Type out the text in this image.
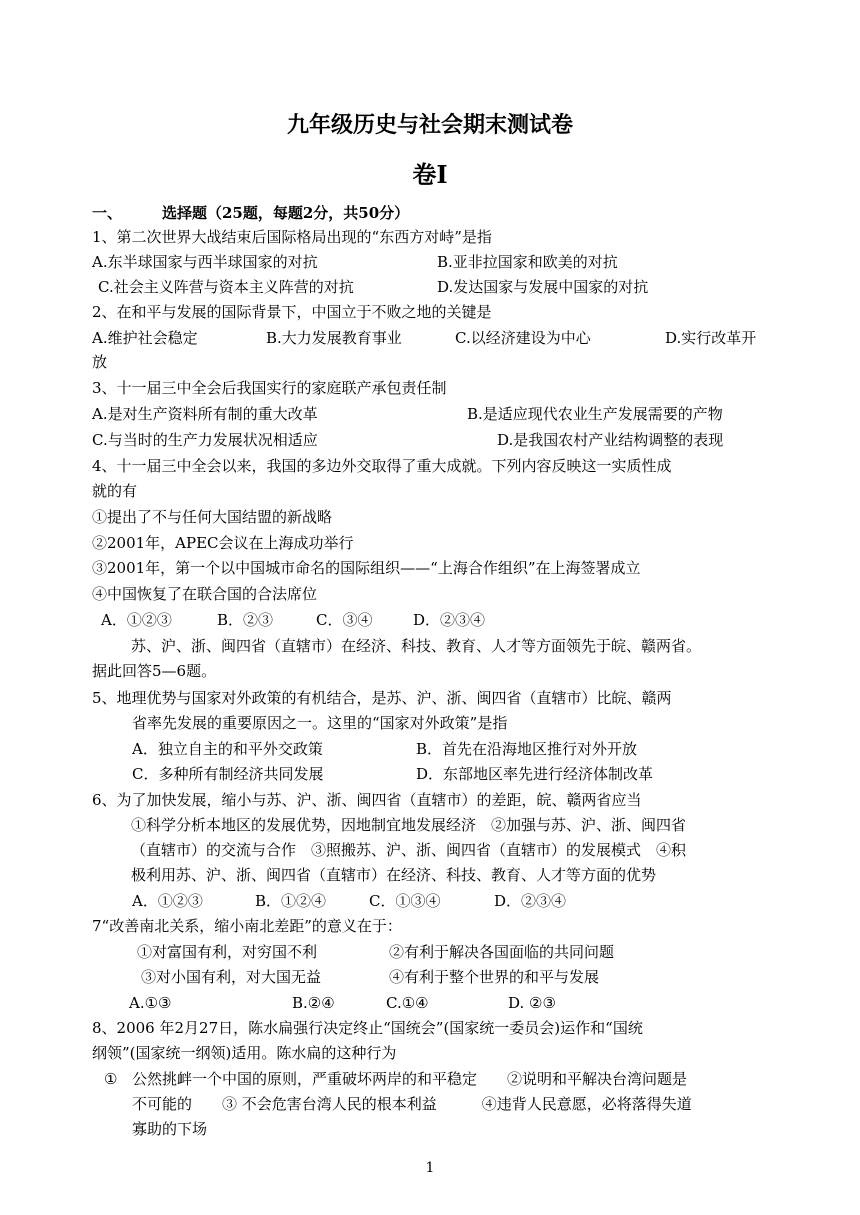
九年级历史与社会期末测试卷
卷Ⅰ
一、	选择题（25题，每题2分，共50分）
1、第二次世界大战结束后国际格局出现的“东西方对峙”是指
A.东半球国家与西半球国家的对抗	B.亚非拉国家和欧美的对抗
C.社会主义阵营与资本主义阵营的对抗	D.发达国家与发展中国家的对抗
2、在和平与发展的国际背景下，中国立于不败之地的关键是
A.维护社会稳定	B.大力发展教育事业	C.以经济建设为中心	D.实行改革开
放
3、十一届三中全会后我国实行的家庭联产承包责任制
A.是对生产资料所有制的重大改革	B.是适应现代农业生产发展需要的产物
C.与当时的生产力发展状况相适应	D.是我国农村产业结构调整的表现
4、十一届三中全会以来，我国的多边外交取得了重大成就。下列内容反映这一实质性成
就的有
①提出了不与任何大国结盟的新战略
②2001年，APEC会议在上海成功举行
③2001年，第一个以中国城市命名的国际组织——“上海合作组织”在上海签署成立
④中国恢复了在联合国的合法席位
A．①②③	B．②③	C．③④	D．②③④
苏、沪、浙、闽四省（直辖市）在经济、科技、教育、人才等方面领先于皖、赣两省。
据此回答5—6题。
5、地理优势与国家对外政策的有机结合，是苏、沪、浙、闽四省（直辖市）比皖、赣两
省率先发展的重要原因之一。这里的“国家对外政策”是指
A．独立自主的和平外交政策	B．首先在沿海地区推行对外开放
C．多种所有制经济共同发展	D．东部地区率先进行经济体制改革
6、为了加快发展，缩小与苏、沪、浙、闽四省（直辖市）的差距，皖、赣两省应当
①科学分析本地区的发展优势，因地制宜地发展经济　②加强与苏、沪、浙、闽四省
（直辖市）的交流与合作　③照搬苏、沪、浙、闽四省（直辖市）的发展模式　④积
极利用苏、沪、浙、闽四省（直辖市）在经济、科技、教育、人才等方面的优势
A．①②③	B．①②④	C．①③④	D．②③④
7“改善南北关系，缩小南北差距”的意义在于：
①对富国有利，对穷国不利	②有利于解决各国面临的共同问题
③对小国有利，对大国无益	④有利于整个世界的和平与发展
A.①③	B.②④	C.①④	D. ②③
8、2006 年2月27日，陈水扁强行决定终止“国统会”(国家统一委员会)运作和“国统
纲领”(国家统一纲领)适用。陈水扁的这种行为
① 公然挑衅一个中国的原则，严重破坏两岸的和平稳定　　②说明和平解决台湾问题是
不可能的　　③ 不会危害台湾人民的根本利益　　　④违背人民意愿，必将落得失道
寡助的下场
1
